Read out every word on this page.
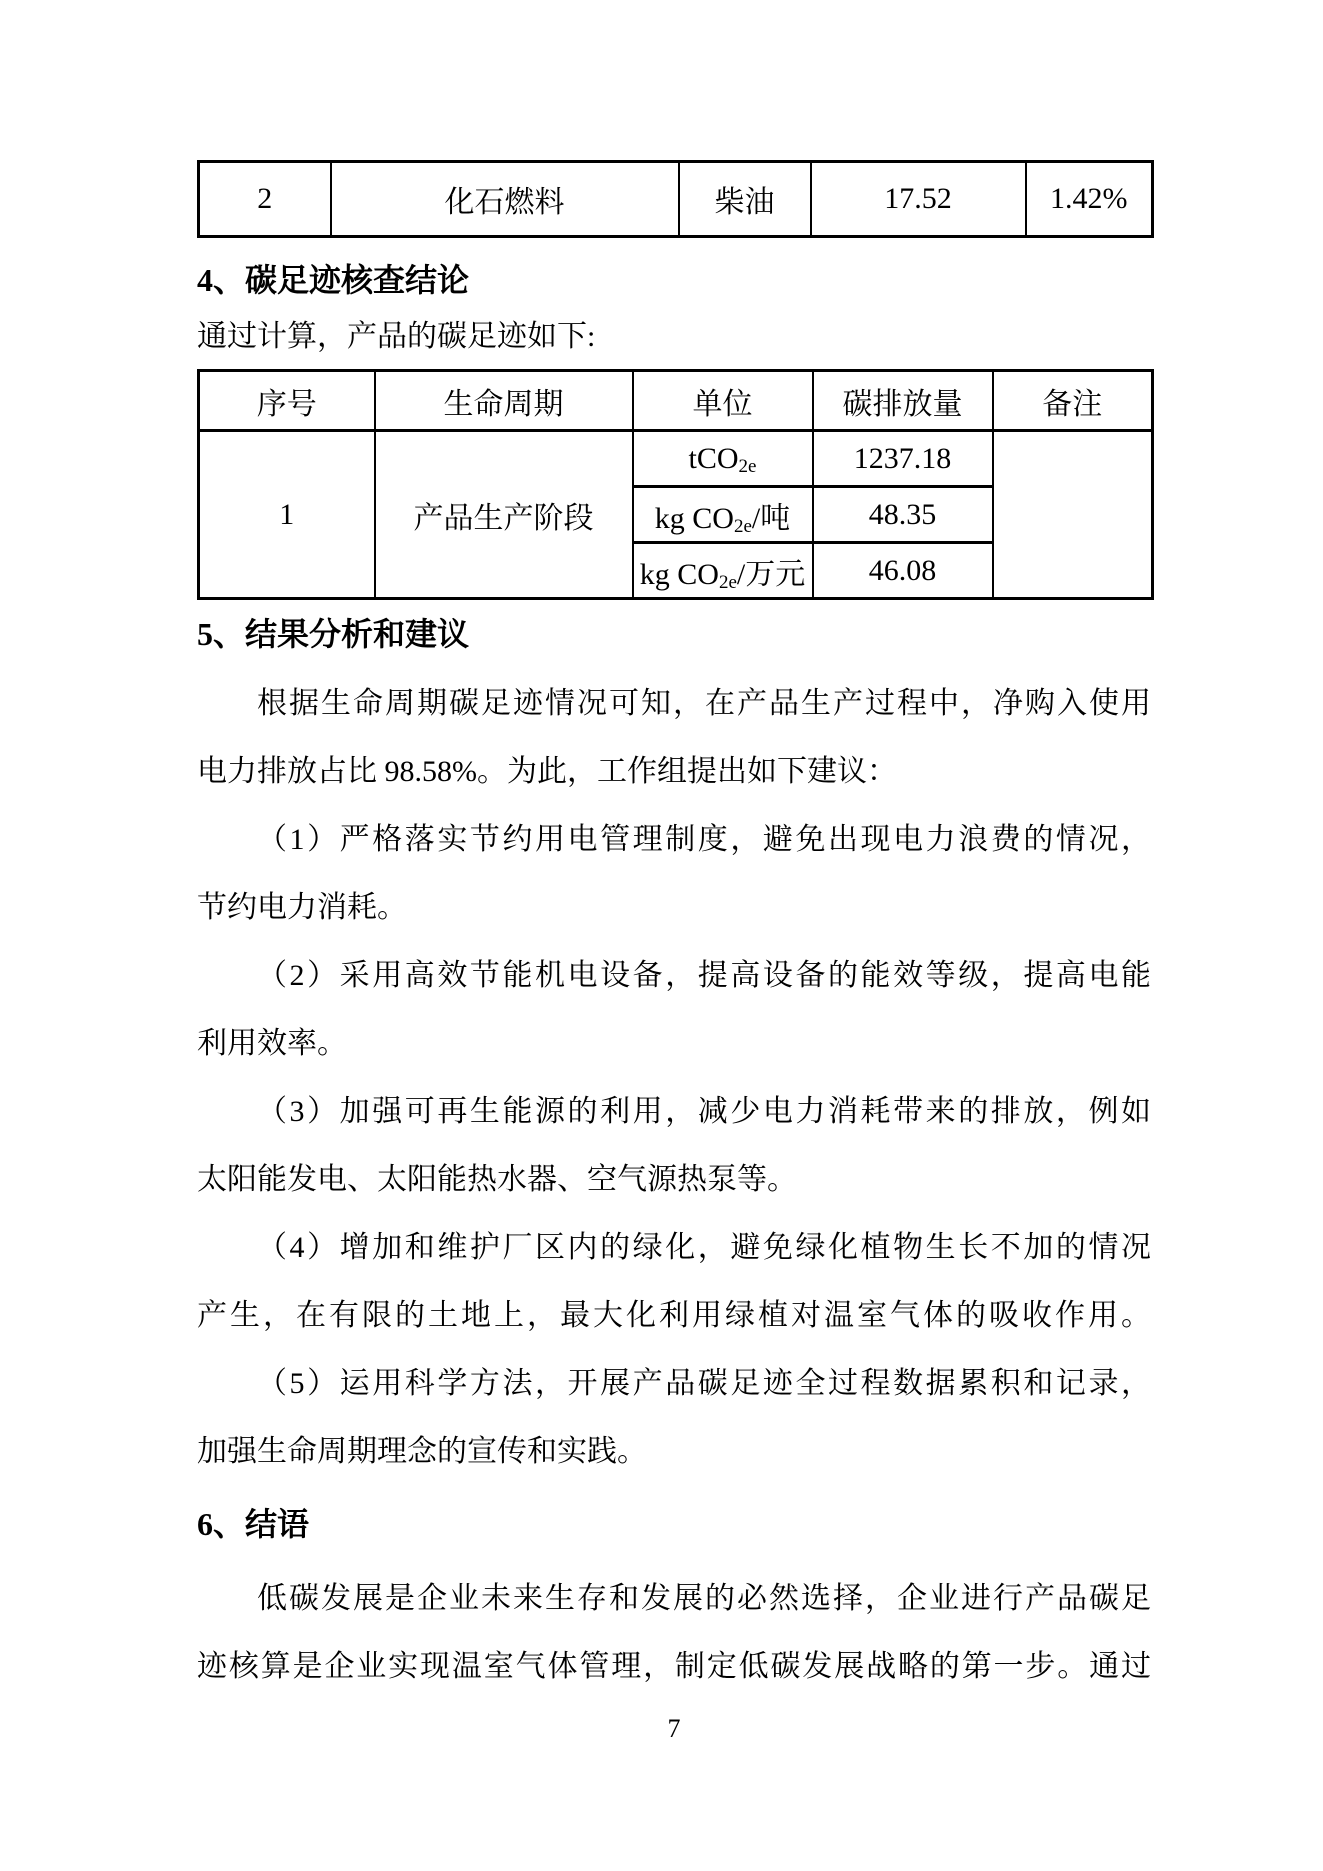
2	化石燃料	柴油	17.52	1.42%
4、碳足迹核查结论

通过计算，产品的碳足迹如下:

序号	生命周期	单位	碳排放量	备注
1	产品生产阶段	tCO$_{2e}$	1237.18	
		kg $CO_{2e}/$吨	48.35	
		kg $CO_{2e}/$万元	46.08	
5、结果分析和建议
根据生命周期碳足迹情况可知，在产品生产过程中，净购入使用
电力排放占比 98.58%。为此，工作组提出如下建议：
（1）严格落实节约用电管理制度，避免出现电力浪费的情况，
节约电力消耗。
（2）采用高效节能机电设备，提高设备的能效等级，提高电能
利用效率。
（3）加强可再生能源的利用，减少电力消耗带来的排放，例如
太阳能发电、太阳能热水器、空气源热泵等。
（4）增加和维护厂区内的绿化，避免绿化植物生长不加的情况
产生，在有限的土地上，最大化利用绿植对温室气体的吸收作用。
（5）运用科学方法，开展产品碳足迹全过程数据累积和记录，
加强生命周期理念的宣传和实践。
6、结语
低碳发展是企业未来生存和发展的必然选择，企业进行产品碳足
迹核算是企业实现温室气体管理，制定低碳发展战略的第一步。通过
7
